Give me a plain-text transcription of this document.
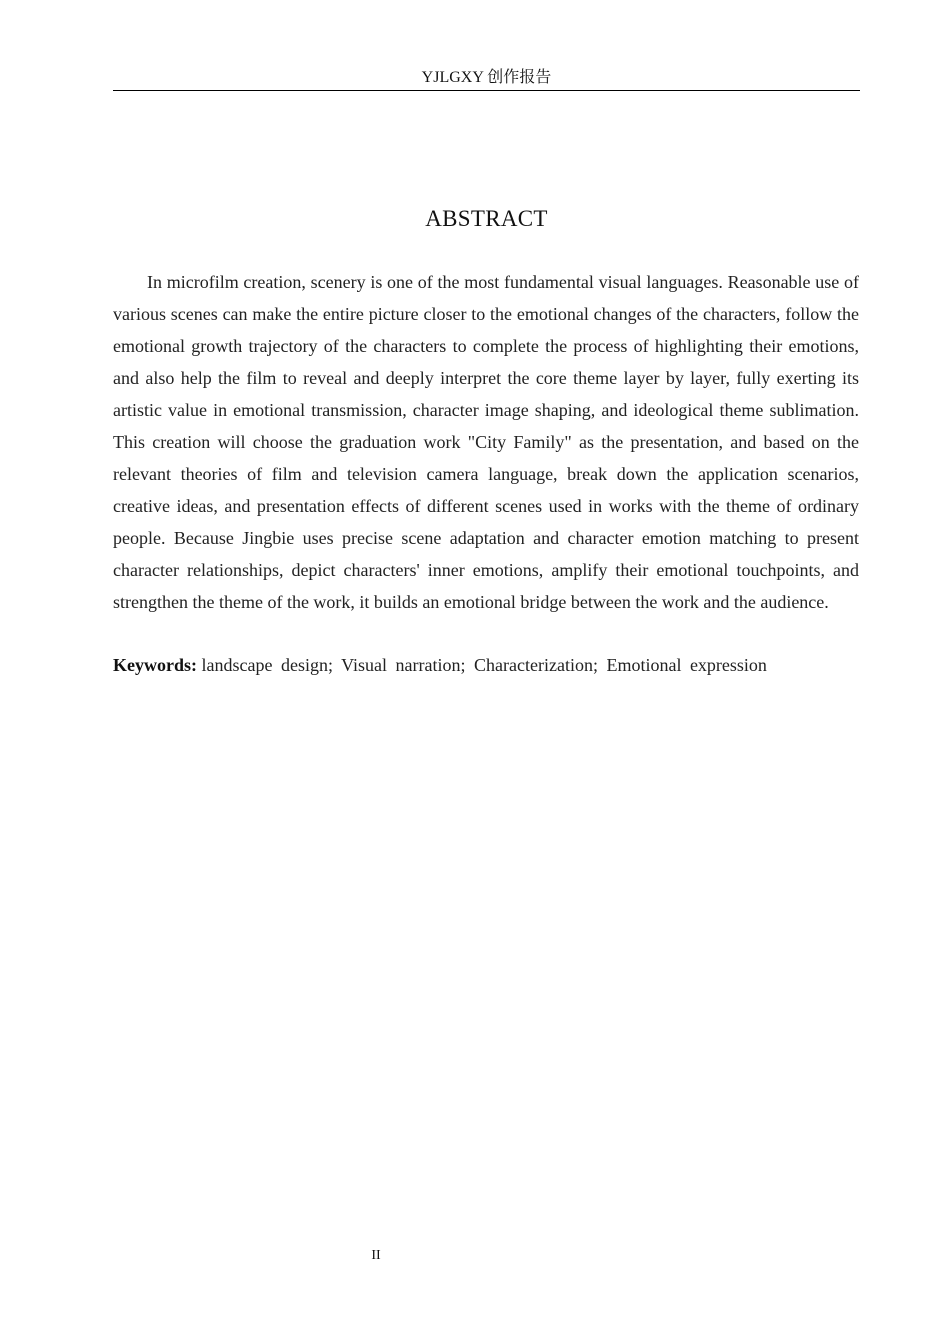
YJLGXY 创作报告
ABSTRACT

In microfilm creation, scenery is one of the most fundamental visual languages. Reasonable use of various scenes can make the entire picture closer to the emotional changes of the characters, follow the emotional growth trajectory of the characters to complete the process of highlighting their emotions, and also help the film to reveal and deeply interpret the core theme layer by layer, fully exerting its artistic value in emotional transmission, character image shaping, and ideological theme sublimation. This creation will choose the graduation work "City Family" as the presentation, and based on the relevant theories of film and television camera language, break down the application scenarios, creative ideas, and presentation effects of different scenes used in works with the theme of ordinary people. Because Jingbie uses precise scene adaptation and character emotion matching to present character relationships, depict characters' inner emotions, amplify their emotional touchpoints, and strengthen the theme of the work, it builds an emotional bridge between the work and the audience.

Keywords: landscape design; Visual narration; Characterization; Emotional expression

II
